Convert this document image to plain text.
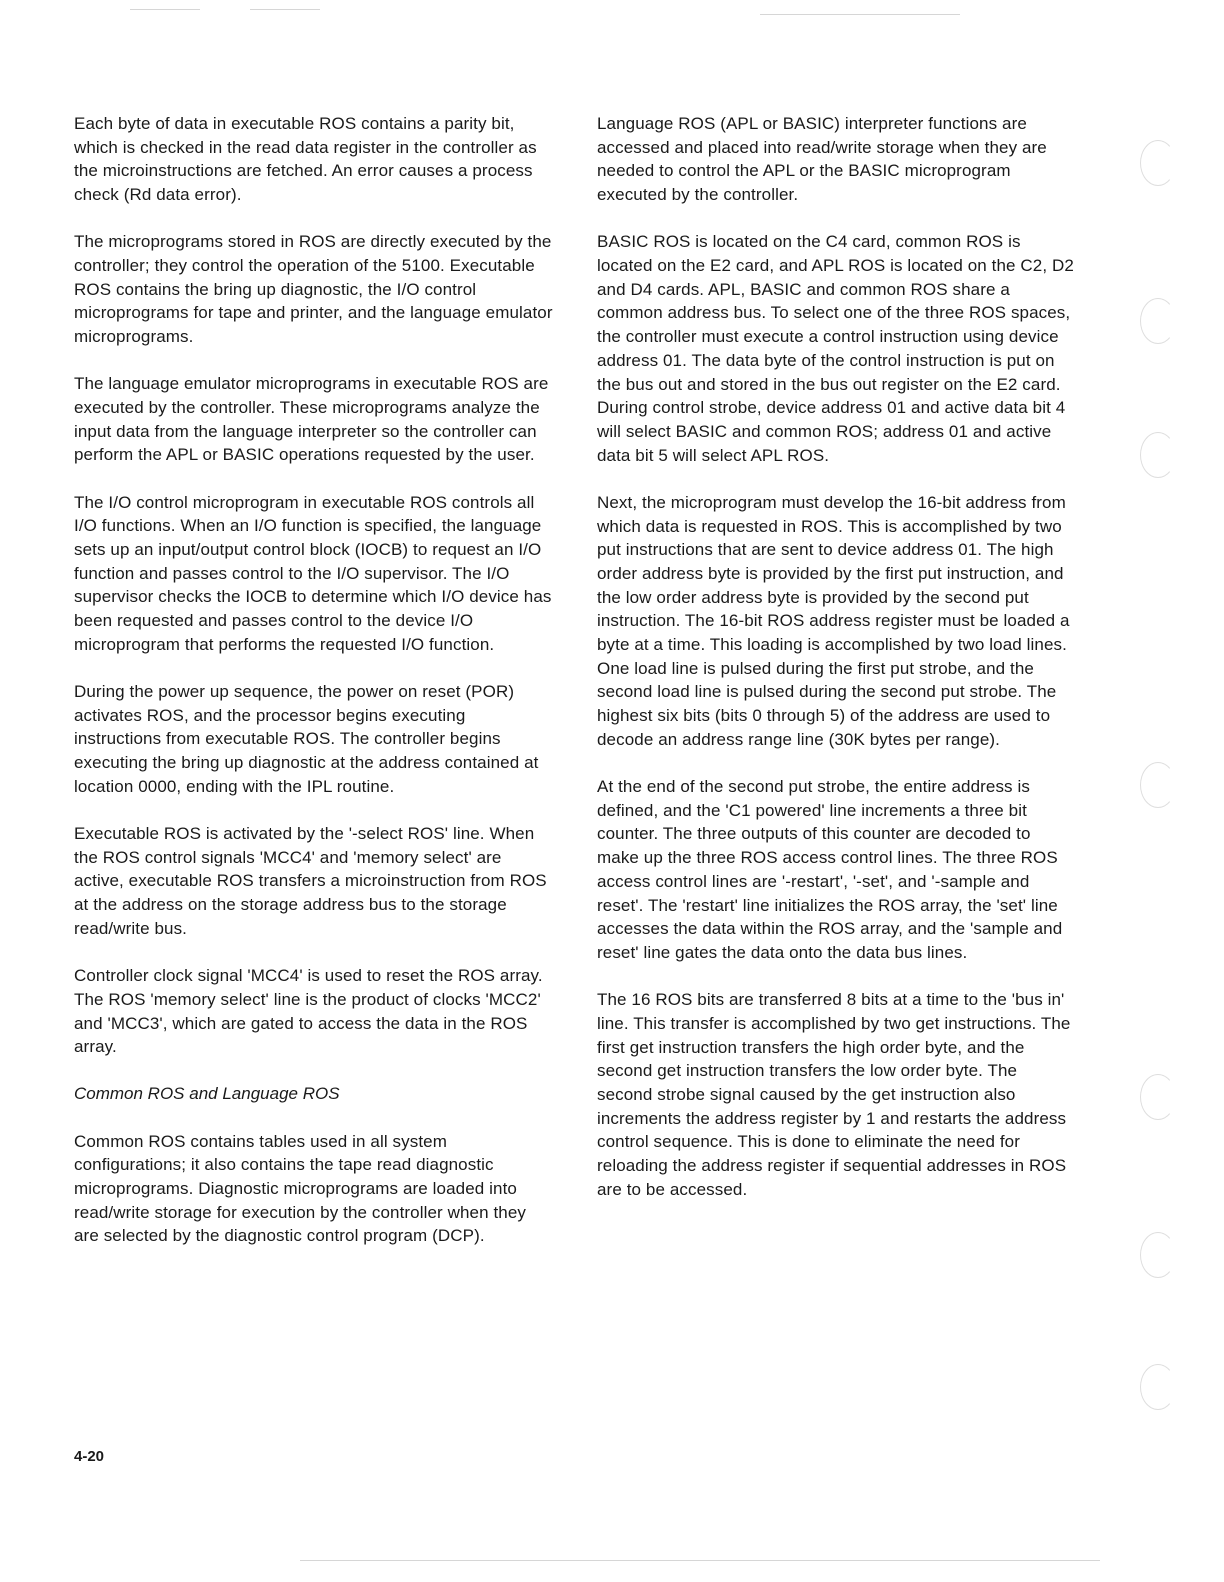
Each byte of data in executable ROS contains a parity bit, which is checked in the read data register in the controller as the microinstructions are fetched. An error causes a process check (Rd data error).

The microprograms stored in ROS are directly executed by the controller; they control the operation of the 5100. Executable ROS contains the bring up diagnostic, the I/O control microprograms for tape and printer, and the language emulator microprograms.

The language emulator microprograms in executable ROS are executed by the controller. These microprograms analyze the input data from the language interpreter so the controller can perform the APL or BASIC operations requested by the user.

The I/O control microprogram in executable ROS controls all I/O functions. When an I/O function is specified, the language sets up an input/output control block (IOCB) to request an I/O function and passes control to the I/O supervisor. The I/O supervisor checks the IOCB to determine which I/O device has been requested and passes control to the device I/O microprogram that performs the requested I/O function.

During the power up sequence, the power on reset (POR) activates ROS, and the processor begins executing instructions from executable ROS. The controller begins executing the bring up diagnostic at the address contained at location 0000, ending with the IPL routine.

Executable ROS is activated by the '-select ROS' line. When the ROS control signals 'MCC4' and 'memory select' are active, executable ROS transfers a microinstruction from ROS at the address on the storage address bus to the storage read/write bus.

Controller clock signal 'MCC4' is used to reset the ROS array. The ROS 'memory select' line is the product of clocks 'MCC2' and 'MCC3', which are gated to access the data in the ROS array.

Common ROS and Language ROS

Common ROS contains tables used in all system configurations; it also contains the tape read diagnostic microprograms. Diagnostic microprograms are loaded into read/write storage for execution by the controller when they are selected by the diagnostic control program (DCP).

Language ROS (APL or BASIC) interpreter functions are accessed and placed into read/write storage when they are needed to control the APL or the BASIC microprogram executed by the controller.

BASIC ROS is located on the C4 card, common ROS is located on the E2 card, and APL ROS is located on the C2, D2 and D4 cards. APL, BASIC and common ROS share a common address bus. To select one of the three ROS spaces, the controller must execute a control instruction using device address 01. The data byte of the control instruction is put on the bus out and stored in the bus out register on the E2 card. During control strobe, device address 01 and active data bit 4 will select BASIC and common ROS; address 01 and active data bit 5 will select APL ROS.

Next, the microprogram must develop the 16-bit address from which data is requested in ROS. This is accomplished by two put instructions that are sent to device address 01. The high order address byte is provided by the first put instruction, and the low order address byte is provided by the second put instruction. The 16-bit ROS address register must be loaded a byte at a time. This loading is accomplished by two load lines. One load line is pulsed during the first put strobe, and the second load line is pulsed during the second put strobe. The highest six bits (bits 0 through 5) of the address are used to decode an address range line (30K bytes per range).

At the end of the second put strobe, the entire address is defined, and the 'C1 powered' line increments a three bit counter. The three outputs of this counter are decoded to make up the three ROS access control lines. The three ROS access control lines are '-restart', '-set', and '-sample and reset'. The 'restart' line initializes the ROS array, the 'set' line accesses the data within the ROS array, and the 'sample and reset' line gates the data onto the data bus lines.

The 16 ROS bits are transferred 8 bits at a time to the 'bus in' line. This transfer is accomplished by two get instructions. The first get instruction transfers the high order byte, and the second get instruction transfers the low order byte. The second strobe signal caused by the get instruction also increments the address register by 1 and restarts the address control sequence. This is done to eliminate the need for reloading the address register if sequential addresses in ROS are to be accessed.

4-20
